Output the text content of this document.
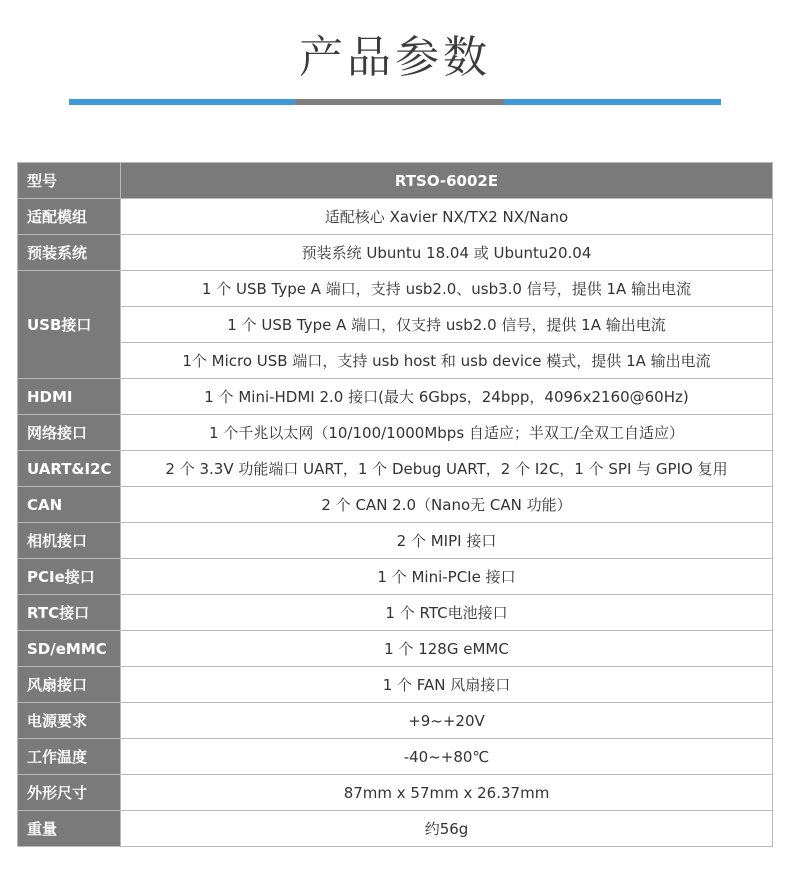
产品参数
型号	RTSO-6002E
适配模组	适配核心 Xavier NX/TX2 NX/Nano
预装系统	预装系统 Ubuntu 18.04 或 Ubuntu20.04
USB接口	1 个 USB Type A 端口，支持 usb2.0、usb3.0 信号，提供 1A 输出电流
	1 个 USB Type A 端口，仅支持 usb2.0 信号，提供 1A 输出电流
	1个 Micro USB 端口，支持 usb host 和 usb device 模式，提供 1A 输出电流
HDMI	1 个 Mini-HDMI 2.0 接口(最大 6Gbps，24bpp，4096x2160@60Hz)
网络接口	1 个千兆以太网（10/100/1000Mbps 自适应；半双工/全双工自适应）
UART&I2C	2 个 3.3V 功能端口 UART，1 个 Debug UART，2 个 I2C，1 个 SPI 与 GPIO 复用
CAN	2 个 CAN 2.0（Nano无 CAN 功能）
相机接口	2 个 MIPI 接口
PCIe接口	1 个 Mini-PCIe 接口
RTC接口	1 个 RTC电池接口
SD/eMMC	1 个 128G eMMC
风扇接口	1 个 FAN 风扇接口
电源要求	+9~+20V
工作温度	-40~+80℃
外形尺寸	87mm x 57mm x 26.37mm
重量	约56g
